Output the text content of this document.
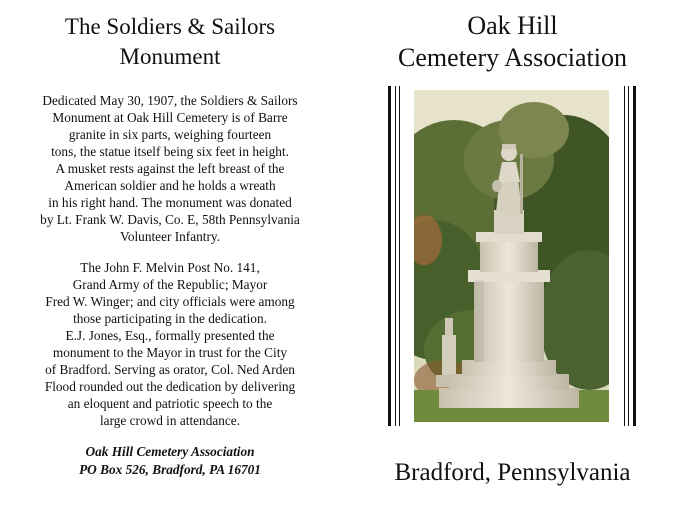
The Soldiers & Sailors
Monument

Dedicated May 30, 1907, the Soldiers & Sailors
Monument at Oak Hill Cemetery is of Barre
granite in six parts, weighing fourteen
tons, the statue itself being six feet in height.
A musket rests against the left breast of the
American soldier and he holds a wreath
in his right hand. The monument was donated
by Lt. Frank W. Davis, Co. E, 58th Pennsylvania
Volunteer Infantry.

The John F. Melvin Post No. 141,
Grand Army of the Republic; Mayor
Fred W. Winger; and city officials were among
those participating in the dedication.
E.J. Jones, Esq., formally presented the
monument to the Mayor in trust for the City
of Bradford. Serving as orator, Col. Ned Arden
Flood rounded out the dedication by delivering
an eloquent and patriotic speech to the
large crowd in attendance.

Oak Hill Cemetery Association
PO Box 526, Bradford, PA 16701
Oak Hill
Cemetery Association
Bradford, Pennsylvania
